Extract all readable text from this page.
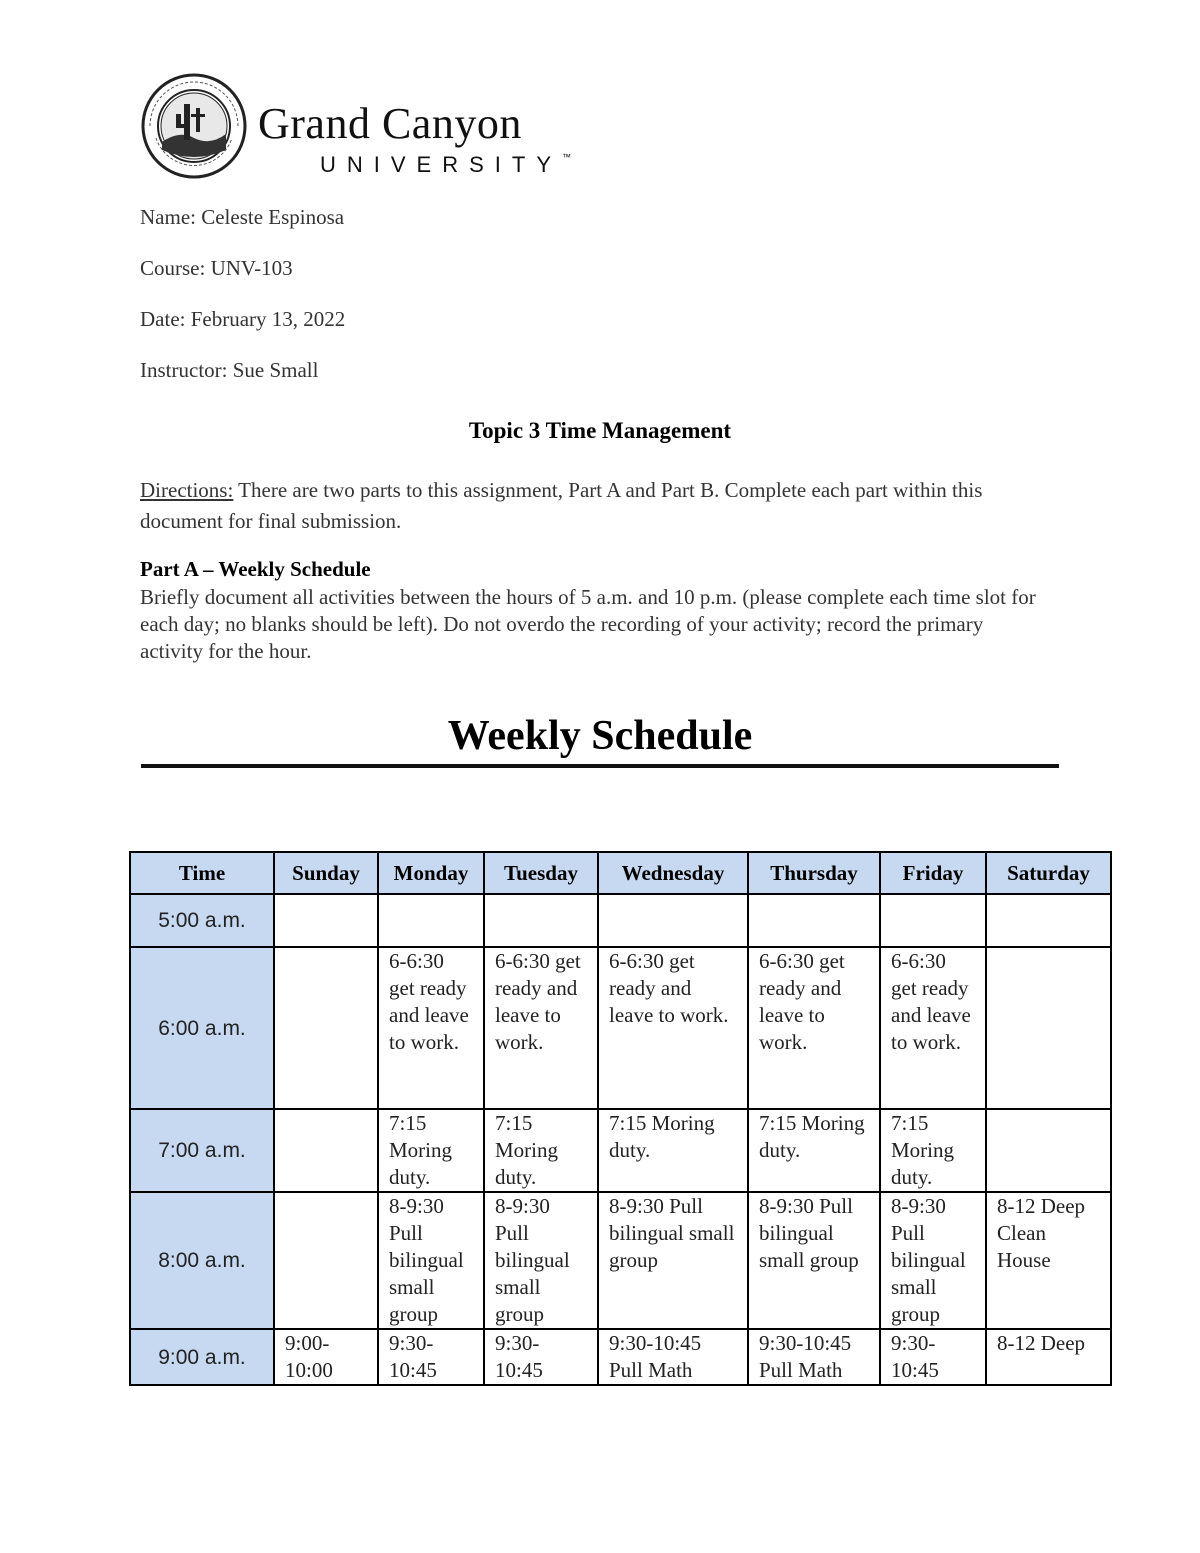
Grand Canyon
UNIVERSITY™
Name: Celeste Espinosa
Course: UNV-103
Date: February 13, 2022
Instructor: Sue Small
Topic 3 Time Management
Directions: There are two parts to this assignment, Part A and Part B. Complete each part within this document for final submission.
Part A – Weekly Schedule
Briefly document all activities between the hours of 5 a.m. and 10 p.m. (please complete each time slot for each day; no blanks should be left). Do not overdo the recording of your activity; record the primary activity for the hour.
Weekly Schedule
Time	Sunday	Monday	Tuesday	Wednesday	Thursday	Friday	Saturday
5:00 a.m.							
6:00 a.m.		6-6:30 get ready and leave to work.	6-6:30 get ready and leave to work.	6-6:30 get ready and leave to work.	6-6:30 get ready and leave to work.	6-6:30 get ready and leave to work.	
7:00 a.m.		7:15 Moring duty.	7:15 Moring duty.	7:15 Moring duty.	7:15 Moring duty.	7:15 Moring duty.	
8:00 a.m.		8-9:30 Pull bilingual small group	8-9:30 Pull bilingual small group	8-9:30 Pull bilingual small group	8-9:30 Pull bilingual small group	8-9:30 Pull bilingual small group	8-12 Deep Clean House
9:00 a.m.	9:00-10:00	9:30-10:45	9:30-10:45	9:30-10:45 Pull Math	9:30-10:45 Pull Math	9:30-10:45	8-12 Deep
